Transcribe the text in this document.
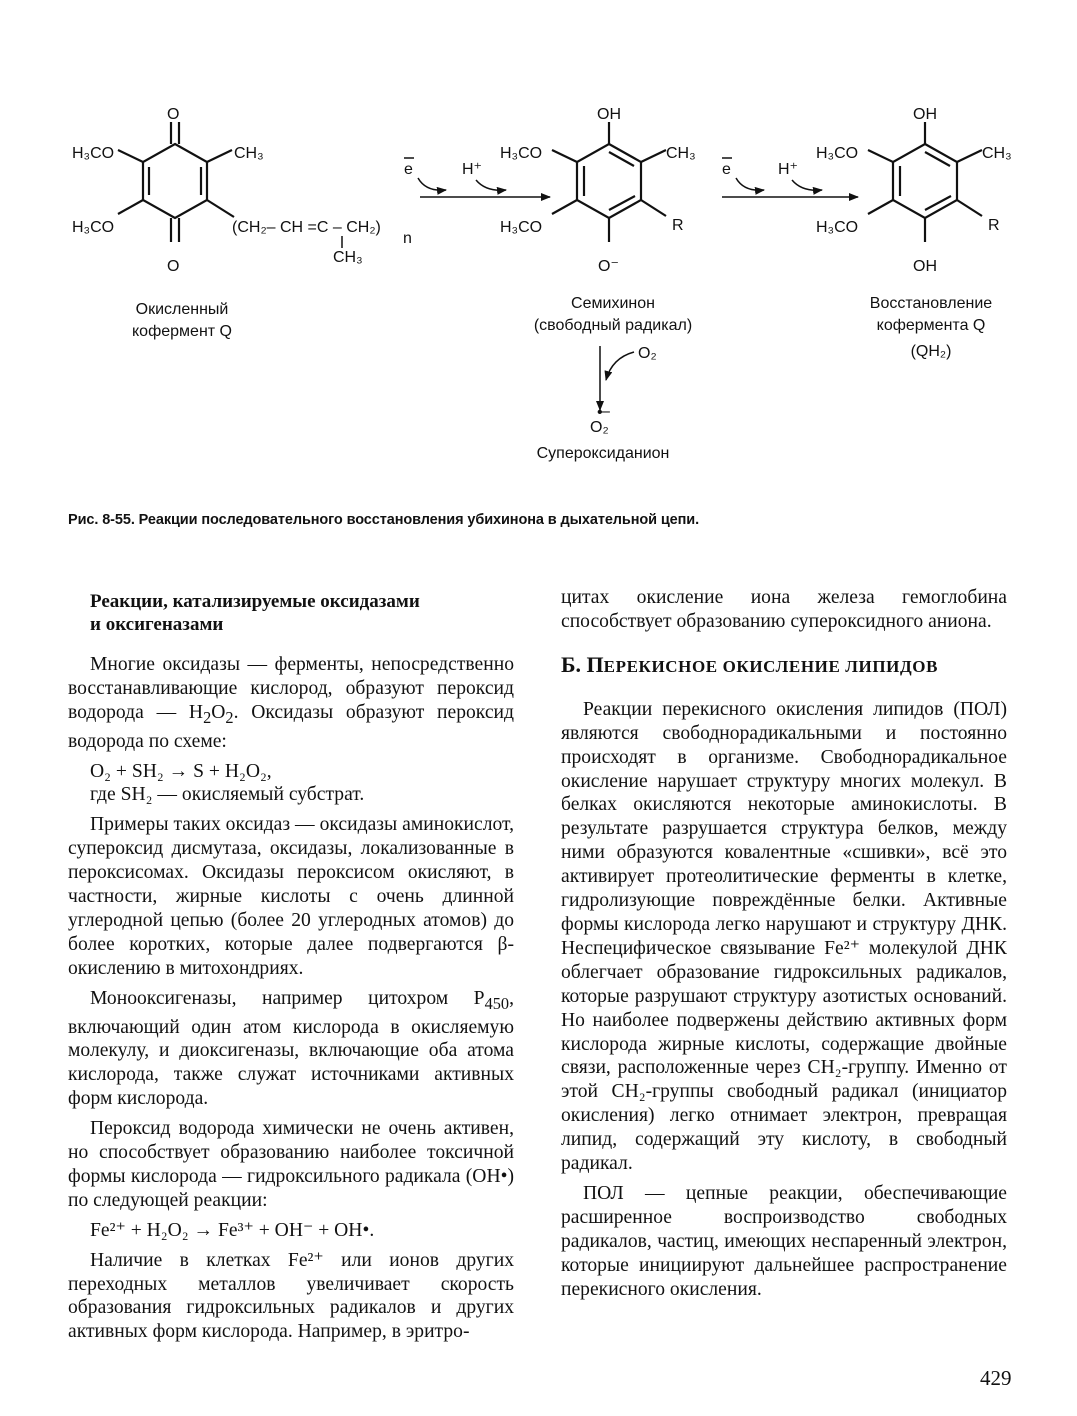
O
O
H₃CO
H₃CO
CH₃
(CH₂– CH =C – CH₂)
CH₃
n
Окисленный
кофермент Q
e	H⁺
OH
O⁻
H₃CO
H₃CO
CH₃
R
Семихинон
(свободный радикал)
e	H⁺
OH
OH
H₃CO
H₃CO
CH₃
R
Восстановление
кофермента Q
(QH₂)
O₂
O₂
•
–
Супероксиданион
Рис. 8-55. Реакции последовательного восстановления убихинона в дыхательной цепи.
Реакции, катализируемые оксидазами
и оксигеназами

Многие оксидазы — ферменты, непосредственно восстанавливающие кислород, образуют пероксид водорода — $H_2O_2$. Оксидазы образуют пероксид водорода по схеме:

O₂ + SH₂ → S + H₂O₂,

где SH₂ — окисляемый субстрат.

Примеры таких оксидаз — оксидазы аминокислот, супероксид дисмутаза, оксидазы, локализованные в пероксисомах. Оксидазы пероксисом окисляют, в частности, жирные кислоты с очень длинной углеродной цепью (более 20 углеродных атомов) до более коротких, которые далее подвергаются β-окислению в митохондриях.

Монооксигеназы, например цитохром $P_{450}$, включающий один атом кислорода в окисляемую молекулу, и диоксигеназы, включающие оба атома кислорода, также служат источниками активных форм кислорода.

Пероксид водорода химически не очень активен, но способствует образованию наиболее токсичной формы кислорода — гидроксильного радикала (OH•) по следующей реакции:

Fe²⁺ + H₂O₂ → Fe³⁺ + OH⁻ + OH•.

Наличие в клетках Fe²⁺ или ионов других переходных металлов увеличивает скорость образования гидроксильных радикалов и других активных форм кислорода. Например, в эритро-

цитах окисление иона железа гемоглобина способствует образованию супероксидного аниона.

Б. ПЕРЕКИСНОЕ ОКИСЛЕНИЕ ЛИПИДОВ

Реакции перекисного окисления липидов (ПОЛ) являются свободнорадикальными и постоянно происходят в организме. Свободнорадикальное окисление нарушает структуру многих молекул. В белках окисляются некоторые аминокислоты. В результате разрушается структура белков, между ними образуются ковалентные «сшивки», всё это активирует протеолитические ферменты в клетке, гидролизующие повреждённые белки. Активные формы кислорода легко нарушают и структуру ДНК. Неспецифическое связывание Fe²⁺ молекулой ДНК облегчает образование гидроксильных радикалов, которые разрушают структуру азотистых оснований. Но наиболее подвержены действию активных форм кислорода жирные кислоты, содержащие двойные связи, расположенные через CH₂-группу. Именно от этой CH₂-группы свободный радикал (инициатор окисления) легко отнимает электрон, превращая липид, содержащий эту кислоту, в свободный радикал.

ПОЛ — цепные реакции, обеспечивающие расширенное воспроизводство свободных радикалов, частиц, имеющих неспаренный электрон, которые инициируют дальнейшее распространение перекисного окисления.

429
